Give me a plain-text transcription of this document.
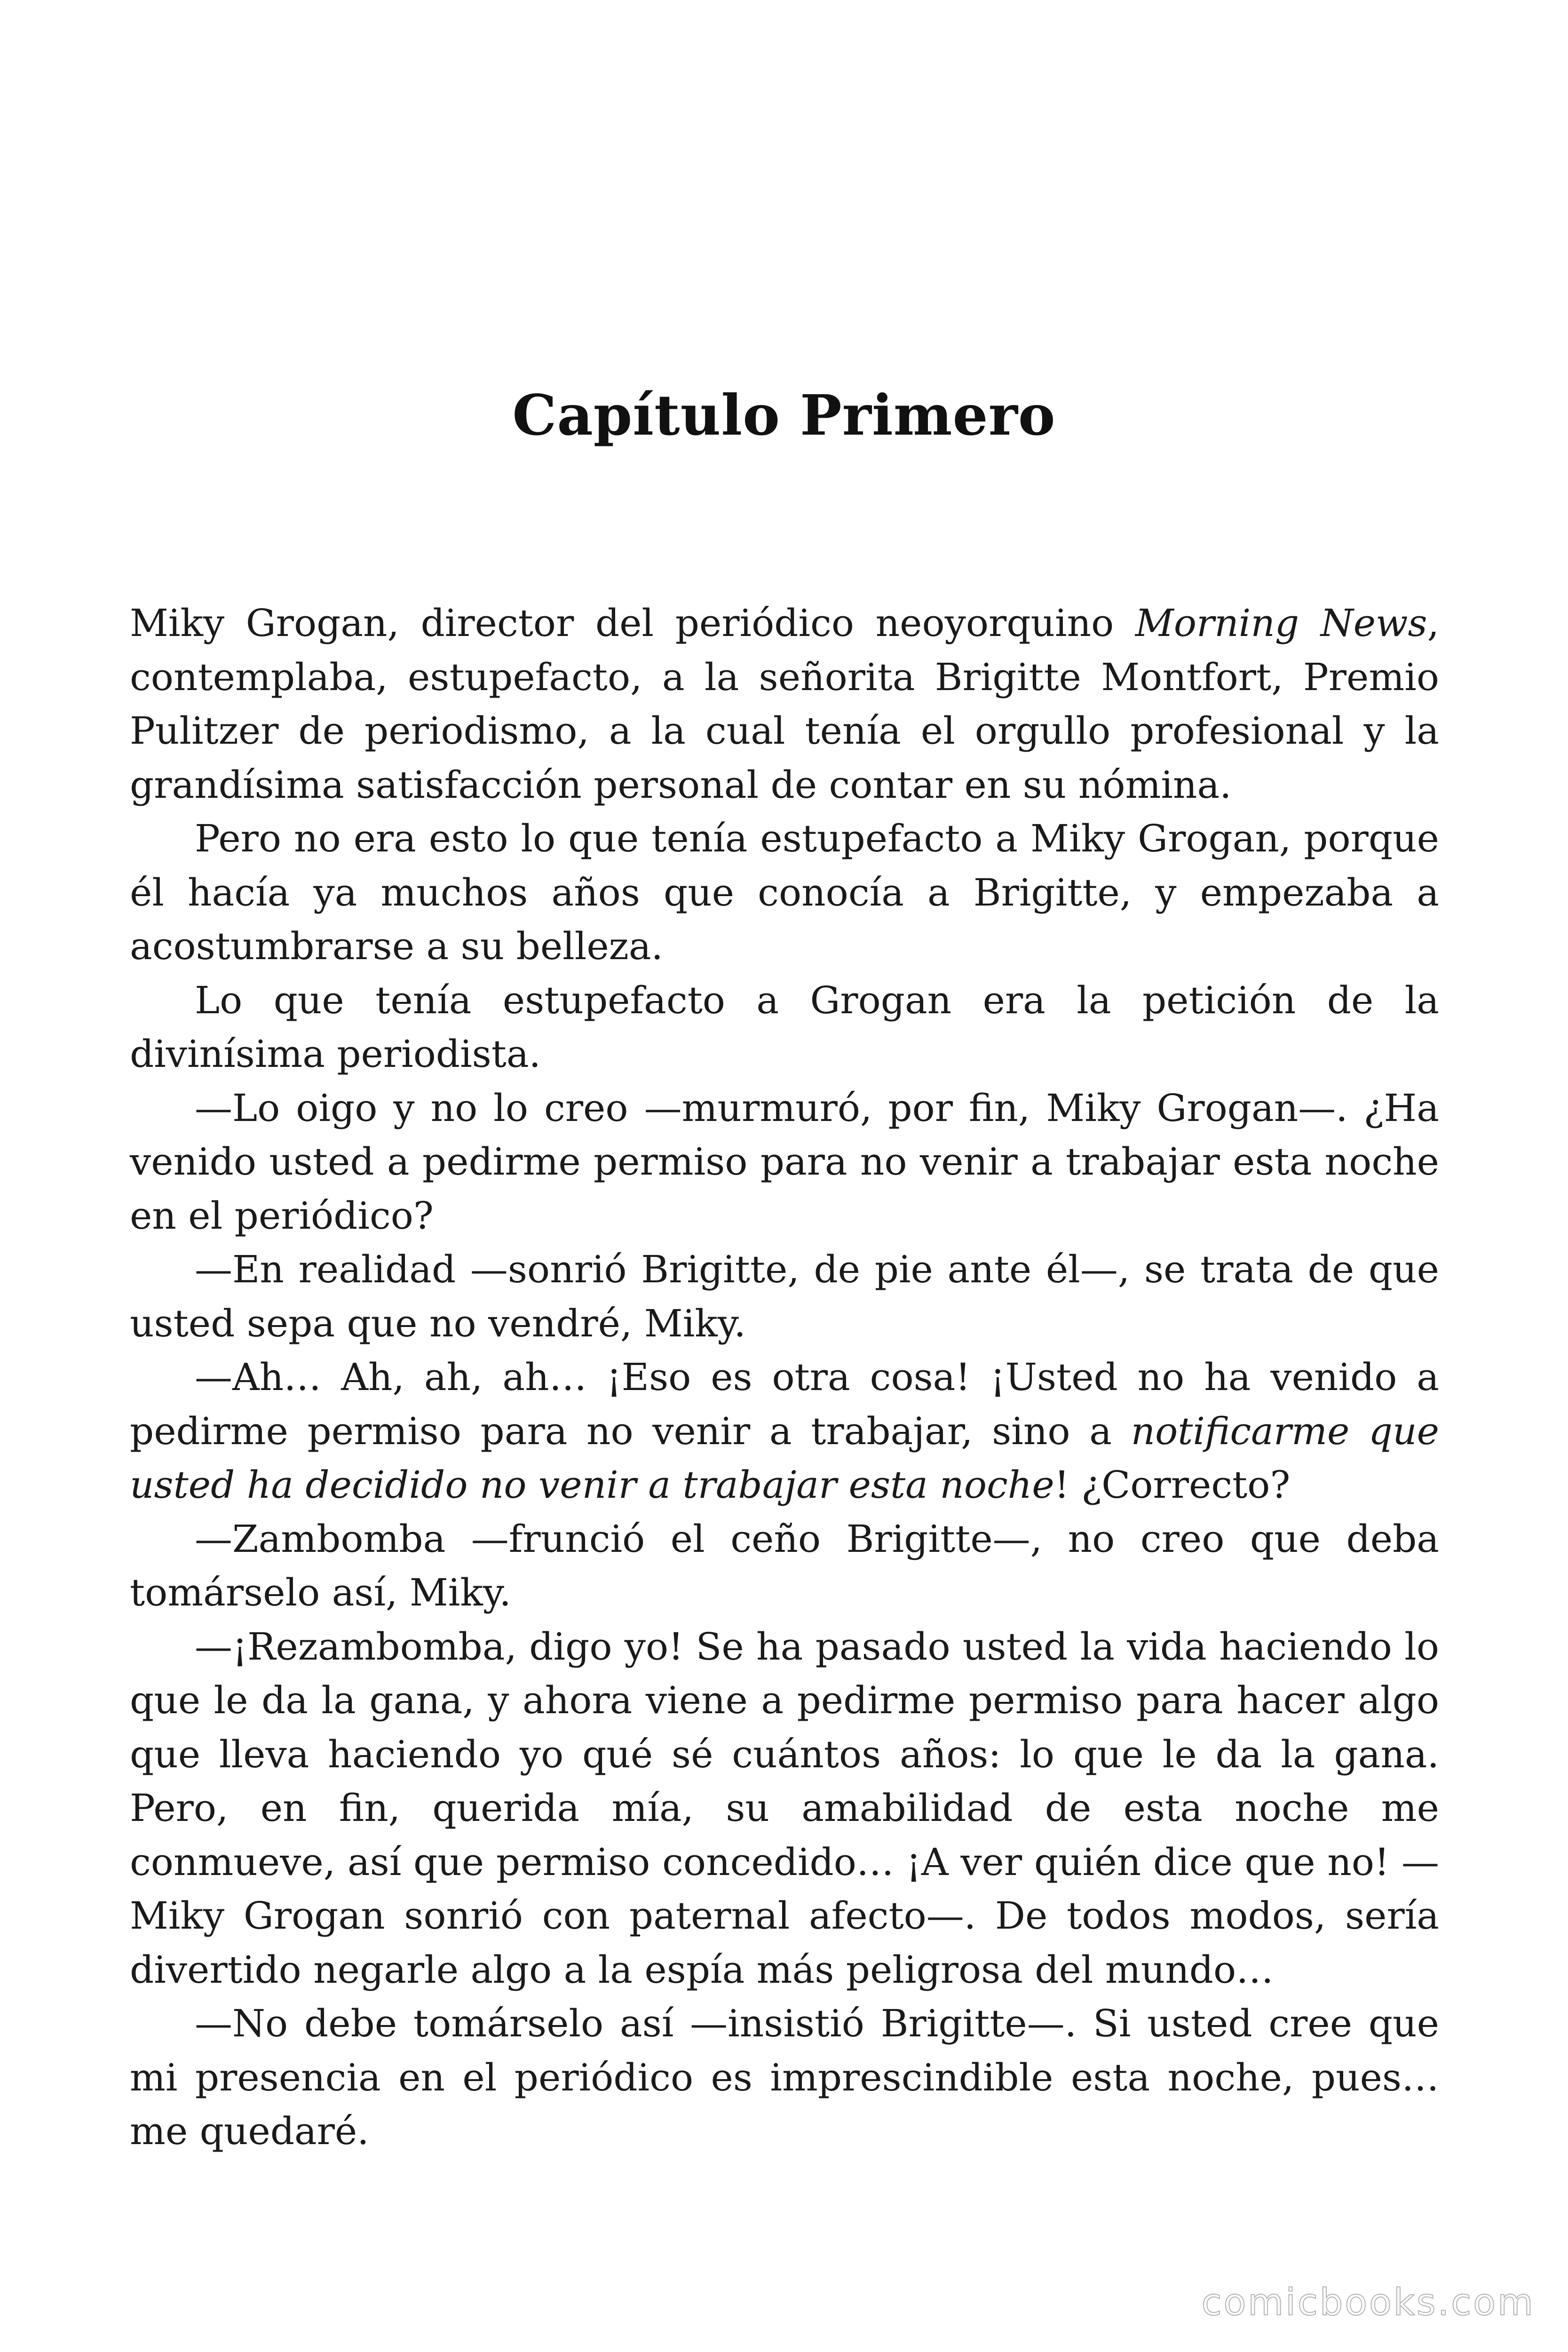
Capítulo Primero

Miky Grogan, director del periódico neoyorquino Morning News, contemplaba, estupefacto, a la señorita Brigitte Montfort, Premio Pulitzer de periodismo, a la cual tenía el orgullo profesional y la grandísima satisfacción personal de contar en su nómina.

Pero no era esto lo que tenía estupefacto a Miky Grogan, porque él hacía ya muchos años que conocía a Brigitte, y empezaba a acostumbrarse a su belleza.

Lo que tenía estupefacto a Grogan era la petición de la divinísima periodista.

—Lo oigo y no lo creo —murmuró, por fin, Miky Grogan—. ¿Ha venido usted a pedirme permiso para no venir a trabajar esta noche en el periódico?

—En realidad —sonrió Brigitte, de pie ante él—, se trata de que usted sepa que no vendré, Miky.

—Ah… Ah, ah, ah… ¡Eso es otra cosa! ¡Usted no ha venido a pedirme permiso para no venir a trabajar, sino a notificarme que usted ha decidido no venir a trabajar esta noche! ¿Correcto?

—Zambomba —frunció el ceño Brigitte—, no creo que deba tomárselo así, Miky.

—¡Rezambomba, digo yo! Se ha pasado usted la vida haciendo lo que le da la gana, y ahora viene a pedirme permiso para hacer algo que lleva haciendo yo qué sé cuántos años: lo que le da la gana. Pero, en fin, querida mía, su amabilidad de esta noche me conmueve, así que permiso concedido… ¡A ver quién dice que no! —Miky Grogan sonrió con paternal afecto—. De todos modos, sería divertido negarle algo a la espía más peligrosa del mundo…

—No debe tomárselo así —insistió Brigitte—. Si usted cree que mi presencia en el periódico es imprescindible esta noche, pues… me quedaré.

comicbooks.com
